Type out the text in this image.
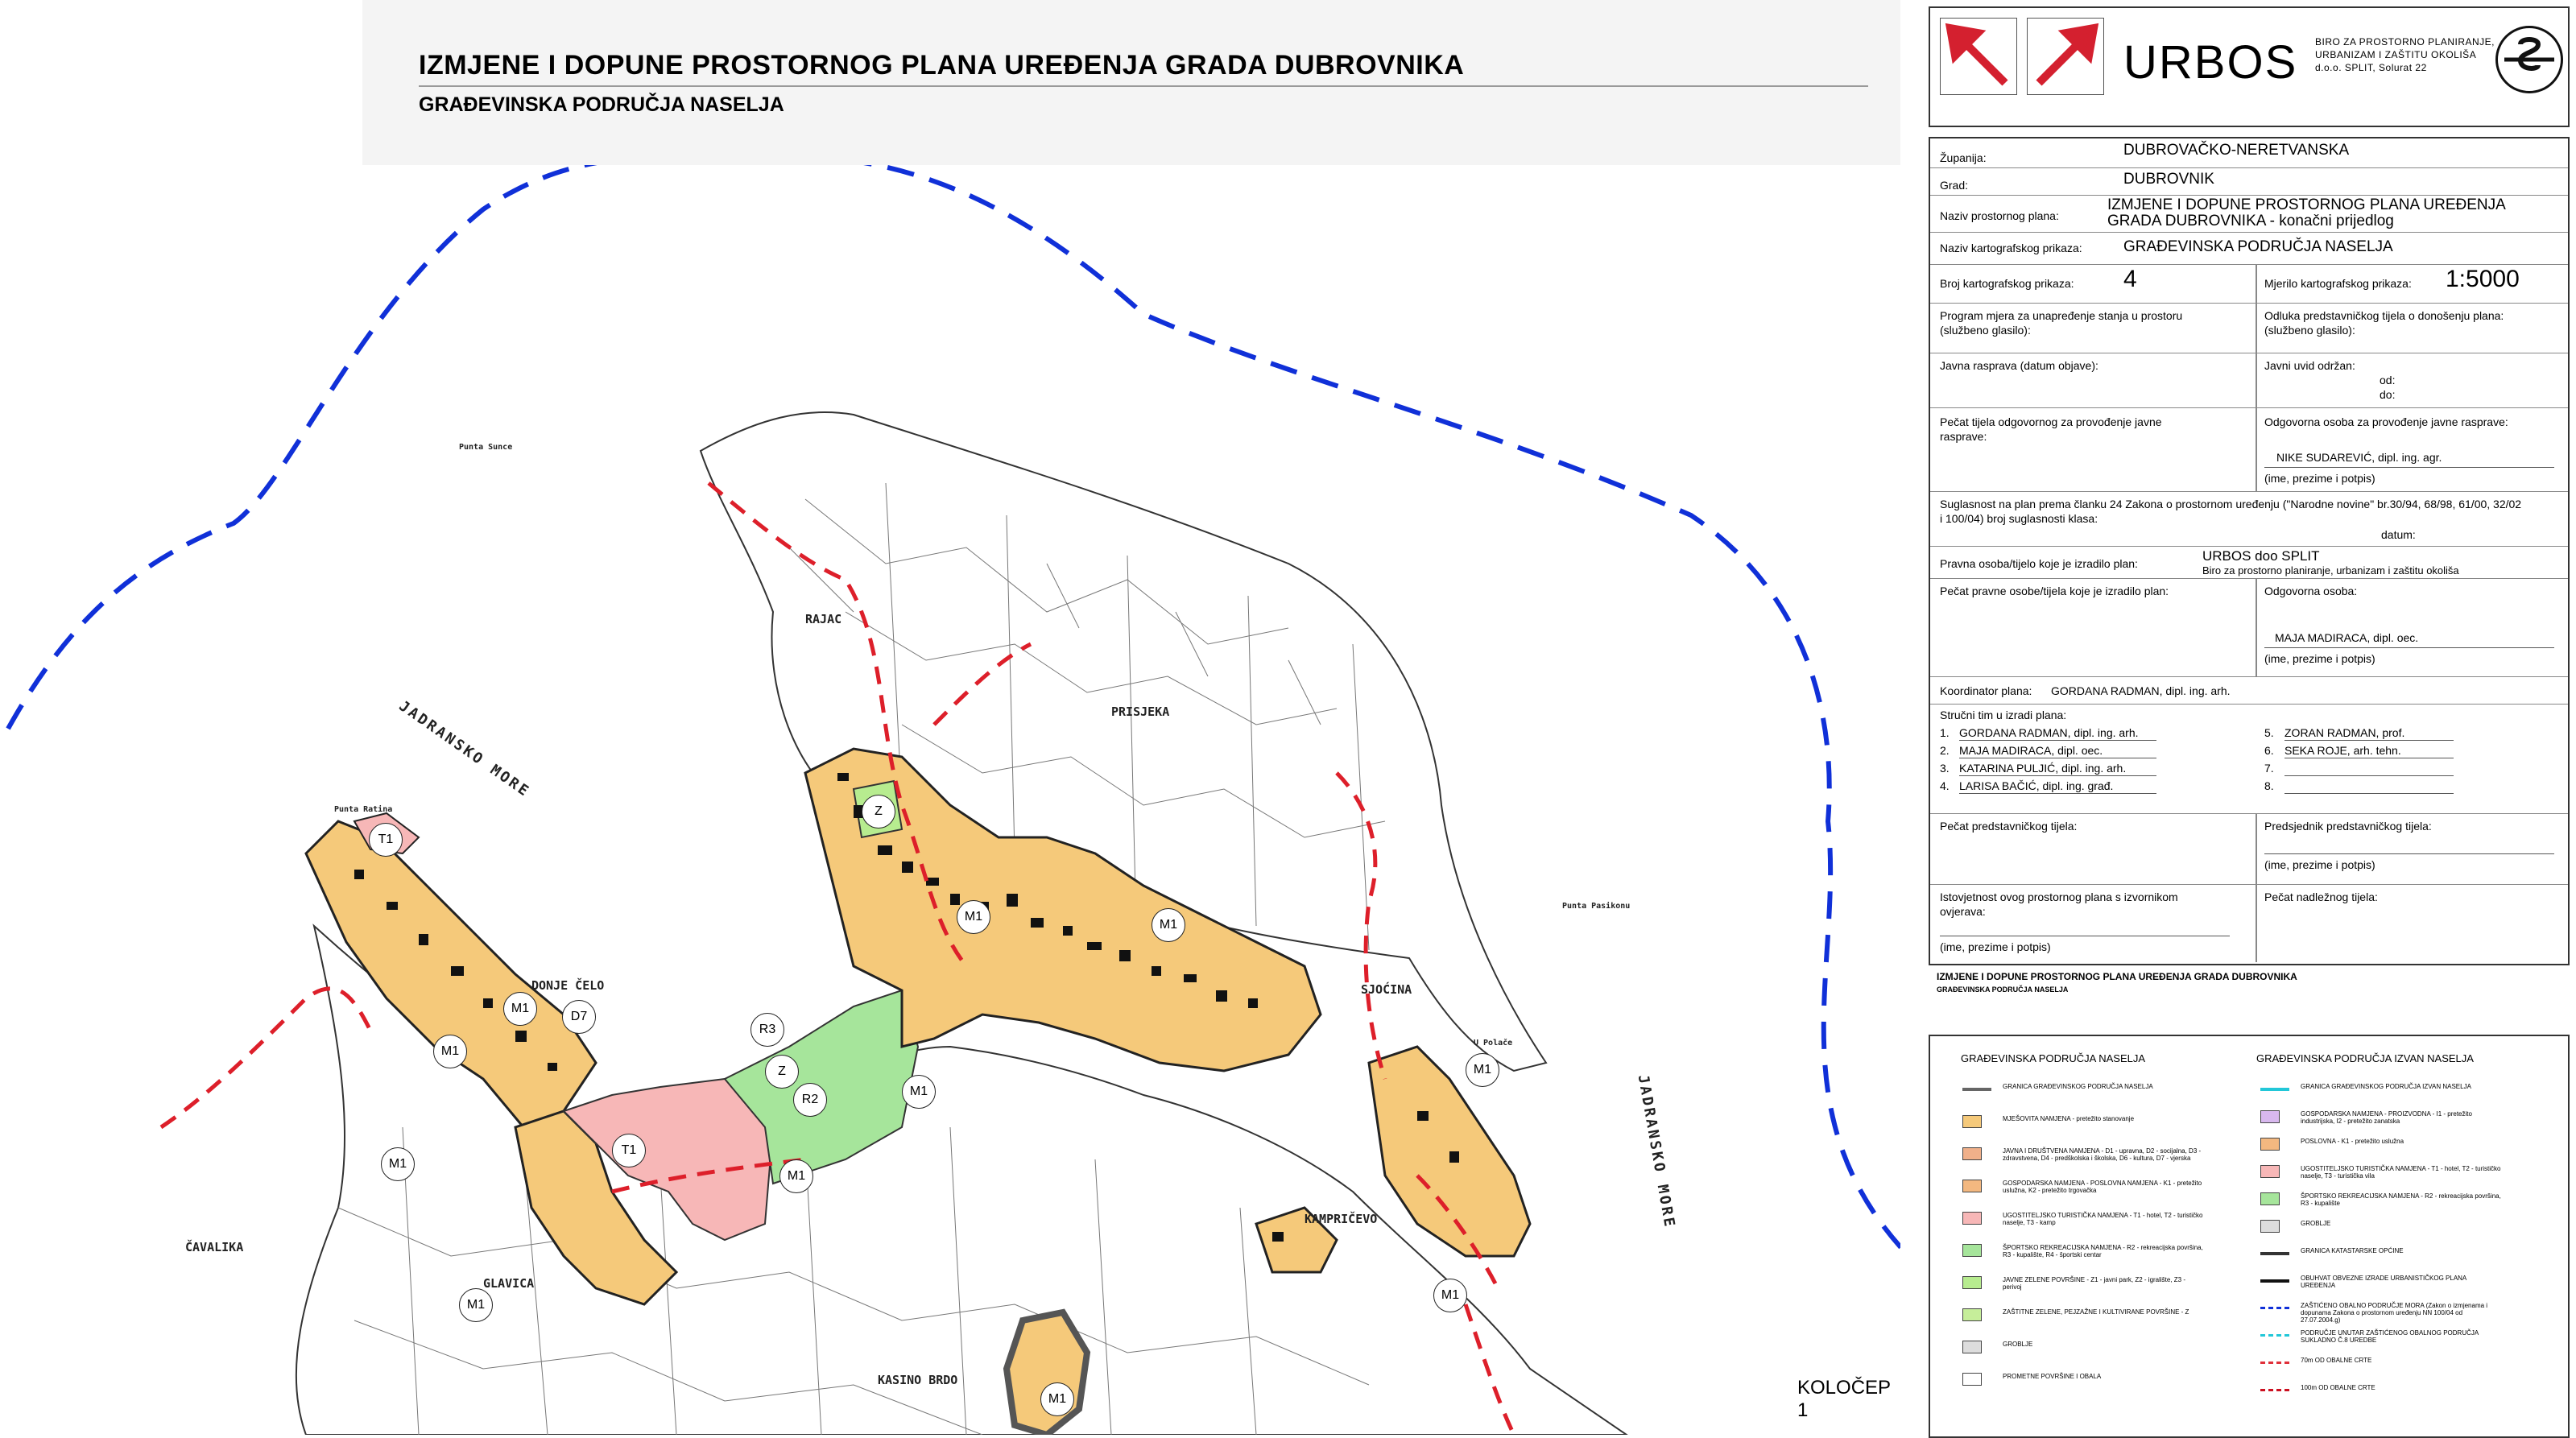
IZMJENE I DOPUNE PROSTORNOG PLANA UREĐENJA GRADA DUBROVNIKA
GRAĐEVINSKA PODRUČJA NASELJA
JADRANSKO MORE
JADRANSKO MORE
DONJE ČELO
PRISJEKA
ČAVALIKA
KAMPRIČEVO
SJOĆINA
GLAVICA
RAJAC
KASINO BRDO
Punta Sunce
Punta Pasikonu
U Polače
Punta Ratina
T1
T1
Z
Z
R2
R3
D7
M1
M1
M1
M1
M1
M1
M1
M1
M1
M1
M1
KOLOČEP 1
URBOS BIRO ZA PROSTORNO PLANIRANJE,
URBANIZAM I ZAŠTITU OKOLIŠA
d.o.o. SPLIT, Solurat 22
Županija:	DUBROVAČKO-NERETVANSKA
Grad:	DUBROVNIK
Naziv prostornog plana:
IZMJENE I DOPUNE PROSTORNOG PLANA UREĐENJA
GRADA DUBROVNIKA - konačni prijedlog
Naziv kartografskog prikaza:	GRAĐEVINSKA PODRUČJA NASELJA
Broj kartografskog prikaza: 4	Mjerilo kartografskog prikaza: 1:5000
Program mjera za unapređenje stanja u prostoru
(službeno glasilo):
Odluka predstavničkog tijela o donošenju plana:
(službeno glasilo):
Javna rasprava (datum objave):	Javni uvid održan:
od:
do:
Pečat tijela odgovornog za provođenje javne
rasprave:
Odgovorna osoba za provođenje javne rasprave:
NIKE SUDAREVIĆ, dipl. ing. agr.
(ime, prezime i potpis)
Suglasnost na plan prema članku 24 Zakona o prostornom uređenju ("Narodne novine" br.30/94, 68/98, 61/00, 32/02
i 100/04) broj suglasnosti klasa:
datum:
Pravna osoba/tijelo koje je izradilo plan:	URBOS doo SPLIT
Biro za prostorno planiranje, urbanizam i zaštitu okoliša
Pečat pravne osobe/tijela koje je izradilo plan:	Odgovorna osoba:
MAJA MADIRACA, dipl. oec.
(ime, prezime i potpis)
Koordinator plana: GORDANA RADMAN, dipl. ing. arh.
Stručni tim u izradi plana:
1. GORDANA RADMAN, dipl. ing. arh.
2. MAJA MADIRACA, dipl. oec.
3. KATARINA PULJIĆ, dipl. ing. arh.
4. LARISA BAČIĆ, dipl. ing. građ.
5. ZORAN RADMAN, prof.
6. SEKA ROJE, arh. tehn.
7.
8.
Pečat predstavničkog tijela:	Predsjednik predstavničkog tijela:
(ime, prezime i potpis)
Istovjetnost ovog prostornog plana s izvornikom
ovjerava:
(ime, prezime i potpis)
Pečat nadležnog tijela:
IZMJENE I DOPUNE PROSTORNOG PLANA UREĐENJA GRADA DUBROVNIKA
GRAĐEVINSKA PODRUČJA NASELJA
GRAĐEVINSKA PODRUČJA NASELJA	GRAĐEVINSKA PODRUČJA IZVAN NASELJA
GRANICA GRAĐEVINSKOG PODRUČJA NASELJA
MJEŠOVITA NAMJENA - pretežito stanovanje
JAVNA I DRUŠTVENA NAMJENA - D1 - upravna, D2 - socijalna, D3 - zdravstvena, D4 - predškolska i školska, D6 - kultura, D7 - vjerska
GOSPODARSKA NAMJENA - POSLOVNA NAMJENA - K1 - pretežito uslužna, K2 - pretežito trgovačka
UGOSTITELJSKO TURISTIČKA NAMJENA - T1 - hotel, T2 - turističko naselje, T3 - kamp
ŠPORTSKO REKREACIJSKA NAMJENA - R2 - rekreacijska površina, R3 - kupalište, R4 - športski centar
JAVNE ZELENE POVRŠINE - Z1 - javni park, Z2 - igralište, Z3 - perivoj
ZAŠTITNE ZELENE, PEJZAŽNE I KULTIVIRANE POVRŠINE - Z
GROBLJE
PROMETNE POVRŠINE I OBALA
GRANICA GRAĐEVINSKOG PODRUČJA IZVAN NASELJA
GOSPODARSKA NAMJENA - PROIZVODNA - I1 - pretežito industrijska, I2 - pretežito zanatska
POSLOVNA - K1 - pretežito uslužna
UGOSTITELJSKO TURISTIČKA NAMJENA - T1 - hotel, T2 - turističko naselje, T3 - turistička vila
ŠPORTSKO REKREACIJSKA NAMJENA - R2 - rekreacijska površina, R3 - kupalište
GROBLJE
GRANICA KATASTARSKE OPĆINE
OBUHVAT OBVEZNE IZRADE URBANISTIČKOG PLANA UREĐENJA
ZAŠTIĆENO OBALNO PODRUČJE MORA (Zakon o izmjenama i dopunama Zakona o prostornom uređenju NN 100/04 od 27.07.2004.g)
PODRUČJE UNUTAR ZAŠTIĆENOG OBALNOG PODRUČJA SUKLADNO Č.8 UREDBE
70m OD OBALNE CRTE
100m OD OBALNE CRTE
